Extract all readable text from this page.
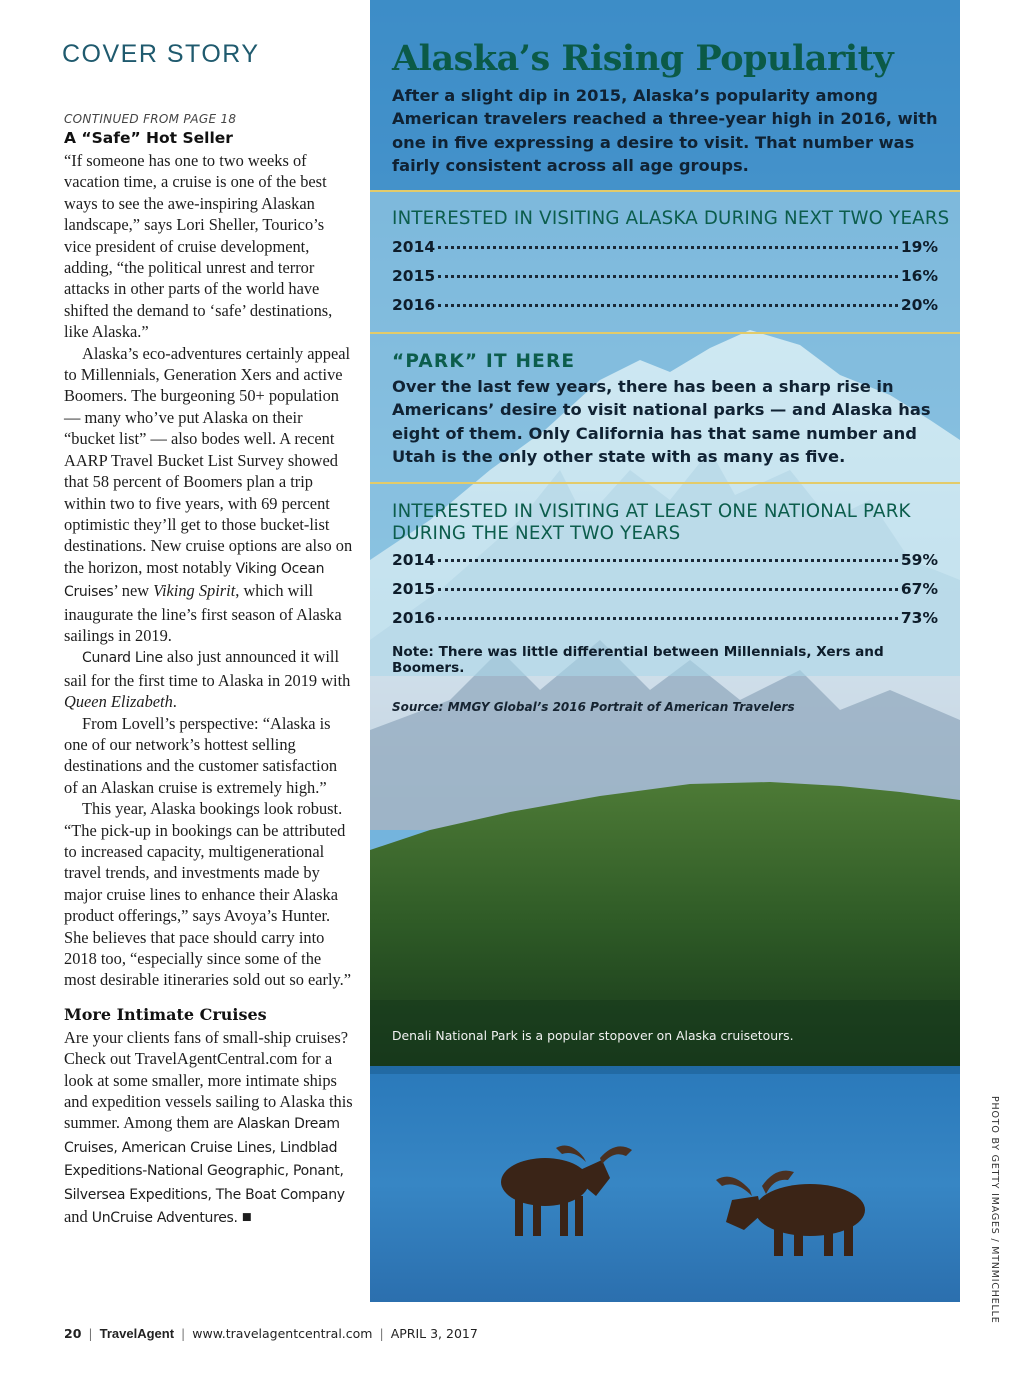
COVER STORY

CONTINUED FROM PAGE 18

A “Safe” Hot Seller

“If someone has one to two weeks of vacation time, a cruise is one of the best ways to see the awe-inspiring Alaskan landscape,” says Lori Sheller, Tourico’s vice president of cruise development, adding, “the political unrest and terror attacks in other parts of the world have shifted the demand to ‘safe’ destinations, like Alaska.”

Alaska’s eco-adventures certainly appeal to Millennials, Generation Xers and active Boomers. The burgeoning 50+ population — many who’ve put Alaska on their “bucket list” — also bodes well. A recent AARP Travel Bucket List Survey showed that 58 percent of Boomers plan a trip within two to five years, with 69 percent optimistic they’ll get to those bucket-list destinations. New cruise options are also on the horizon, most notably Viking Ocean Cruises’ new Viking Spirit, which will inaugurate the line’s first season of Alaska sailings in 2019.

Cunard Line also just announced it will sail for the first time to Alaska in 2019 with Queen Elizabeth.

From Lovell’s perspective: “Alaska is one of our network’s hottest selling destinations and the customer satisfaction of an Alaskan cruise is extremely high.”

This year, Alaska bookings look robust. “The pick-up in bookings can be attributed to increased capacity, multigenerational travel trends, and investments made by major cruise lines to enhance their Alaska product offerings,” says Avoya’s Hunter. She believes that pace should carry into 2018 too, “especially since some of the most desirable itineraries sold out so early.”

More Intimate Cruises

Are your clients fans of small-ship cruises? Check out TravelAgentCentral.com for a look at some smaller, more intimate ships and expedition vessels sailing to Alaska this summer. Among them are Alaskan Dream Cruises, American Cruise Lines, Lindblad Expeditions-National Geographic, Ponant, Silversea Expeditions, The Boat Company and UnCruise Adventures. ■

Alaska’s Rising Popularity

After a slight dip in 2015, Alaska’s popularity among American travelers reached a three-year high in 2016, with one in five expressing a desire to visit. That number was fairly consistent across all age groups.

INTERESTED IN VISITING ALASKA DURING NEXT TWO YEARS

2014	19%
2015	16%
2016	20%

“PARK” IT HERE

Over the last few years, there has been a sharp rise in Americans’ desire to visit national parks — and Alaska has eight of them. Only California has that same number and Utah is the only other state with as many as five.

INTERESTED IN VISITING AT LEAST ONE NATIONAL PARK DURING THE NEXT TWO YEARS

2014	59%
2015	67%
2016	73%

Note: There was little differential between Millennials, Xers and Boomers.

Source: MMGY Global’s 2016 Portrait of American Travelers

Denali National Park is a popular stopover on Alaska cruisetours.

PHOTO BY GETTY IMAGES / MTNMICHELLE
20 | TravelAgent | www.travelagentcentral.com | APRIL 3, 2017
